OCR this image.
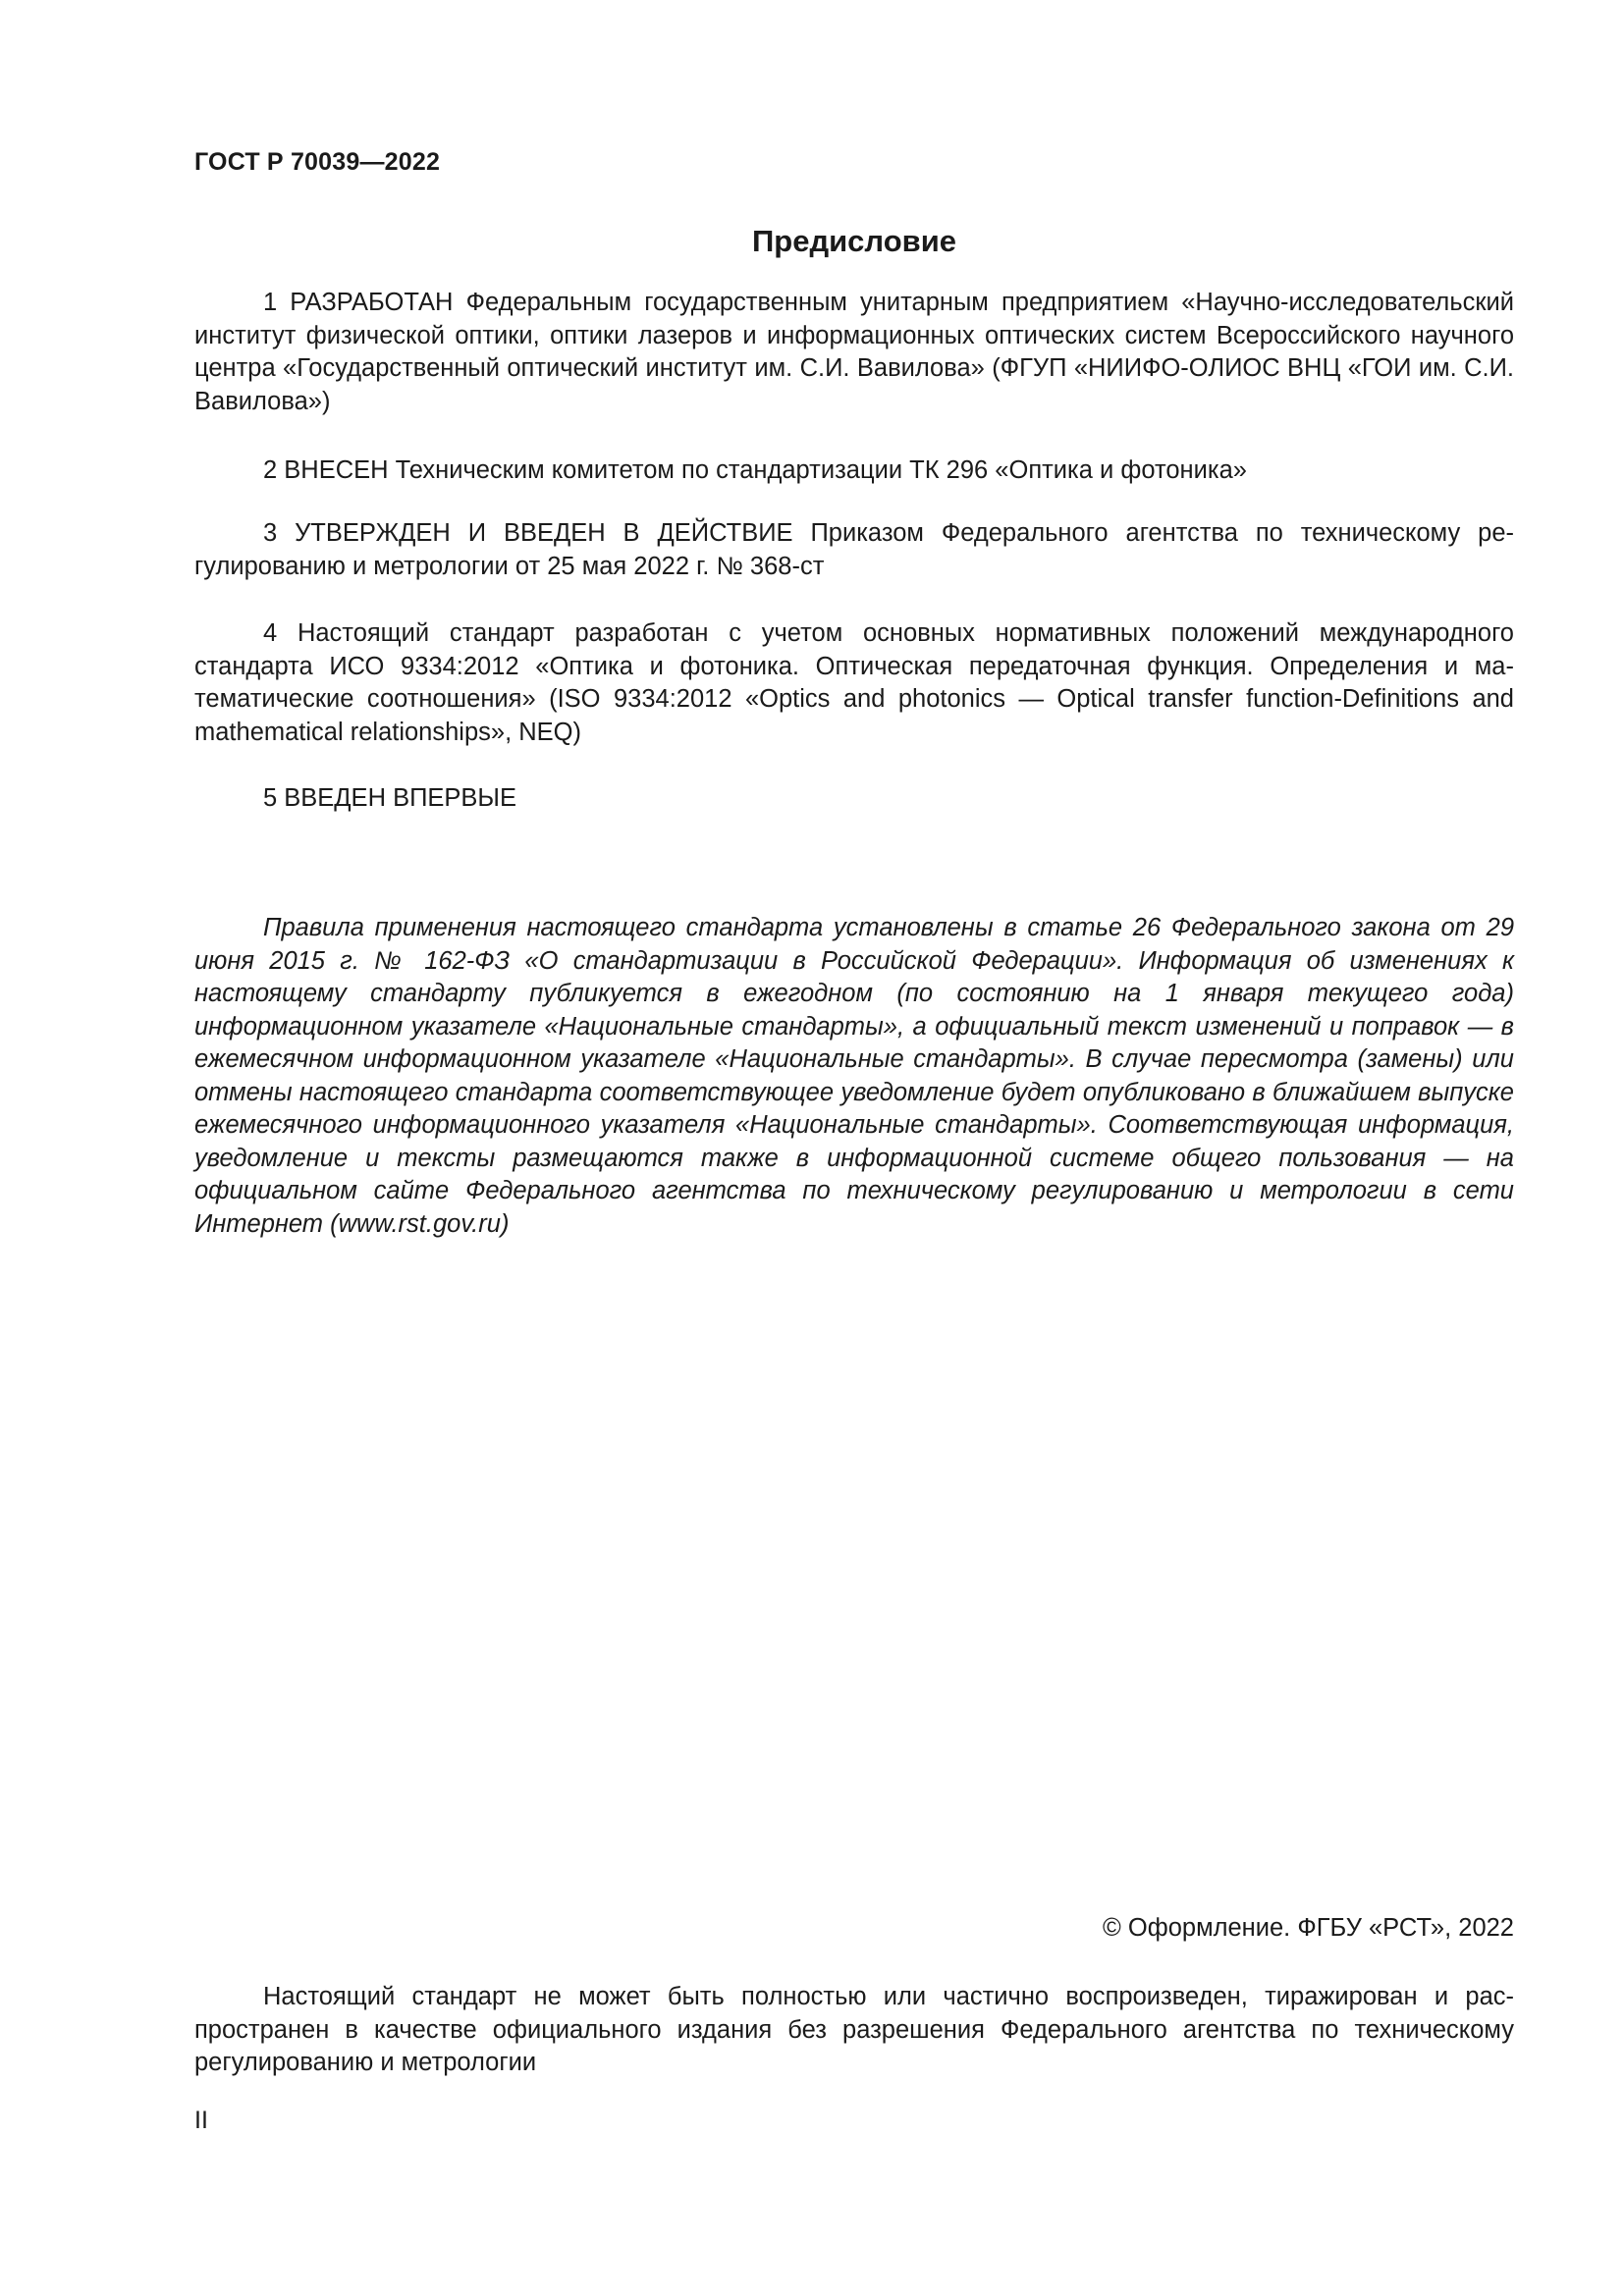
ГОСТ Р 70039—2022
Предисловие

1 РАЗРАБОТАН Федеральным государственным унитарным предприятием «Научно-исследовательский институт физической оптики, оптики лазеров и информационных оптических систем Всероссийского научного центра «Государственный оптический институт им. С.И. Вавилова» (ФГУП «НИИФО-ОЛИОС ВНЦ «ГОИ им. С.И. Вавилова»)

2 ВНЕСЕН Техническим комитетом по стандартизации ТК 296 «Оптика и фотоника»

3 УТВЕРЖДЕН И ВВЕДЕН В ДЕЙСТВИЕ Приказом Федерального агентства по техническому регулированию и метрологии от 25 мая 2022 г. № 368-ст

4 Настоящий стандарт разработан с учетом основных нормативных положений международного стандарта ИСО 9334:2012 «Оптика и фотоника. Оптическая передаточная функция. Определения и математические соотношения» (ISO 9334:2012 «Optics and photonics — Optical transfer function-Definitions and mathematical relationships», NEQ)

5 ВВЕДЕН ВПЕРВЫЕ

Правила применения настоящего стандарта установлены в статье 26 Федерального закона от 29 июня 2015 г. № 162-ФЗ «О стандартизации в Российской Федерации». Информация об изменениях к настоящему стандарту публикуется в ежегодном (по состоянию на 1 января текущего года) информационном указателе «Национальные стандарты», а официальный текст изменений и поправок — в ежемесячном информационном указателе «Национальные стандарты». В случае пересмотра (замены) или отмены настоящего стандарта соответствующее уведомление будет опубликовано в ближайшем выпуске ежемесячного информационного указателя «Национальные стандарты». Соответствующая информация, уведомление и тексты размещаются также в информационной системе общего пользования — на официальном сайте Федерального агентства по техническому регулированию и метрологии в сети Интернет (www.rst.gov.ru)

© Оформление. ФГБУ «РСТ», 2022

Настоящий стандарт не может быть полностью или частично воспроизведен, тиражирован и распространен в качестве официального издания без разрешения Федерального агентства по техническому регулированию и метрологии

II
